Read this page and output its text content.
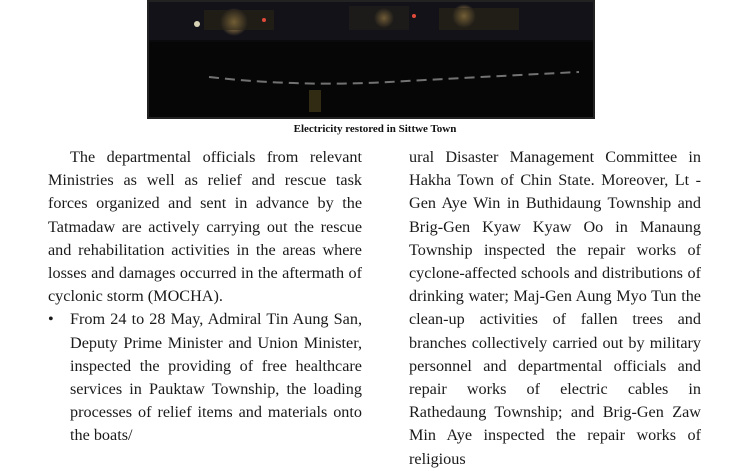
Electricity restored in Sittwe Town

The departmental officials from relevant Ministries as well as relief and rescue task forces organized and sent in advance by the Tatmadaw are actively carrying out the rescue and rehabilitation activities in the areas where losses and damages occurred in the aftermath of cyclonic storm (MOCHA).

• From 24 to 28 May, Admiral Tin Aung San, Deputy Prime Minister and Union Minister, inspected the providing of free healthcare services in Pauktaw Township, the loading processes of relief items and materials onto the boats/

ural Disaster Management Committee in Hakha Town of Chin State. Moreover, Lt -Gen Aye Win in Buthidaung Township and Brig-Gen Kyaw Kyaw Oo in Manaung Township inspected the repair works of cyclone-affected schools and distributions of drinking water; Maj-Gen Aung Myo Tun the clean-up activities of fallen trees and branches collectively carried out by military personnel and departmental officials and repair works of electric cables in Rathedaung Township; and Brig-Gen Zaw Min Aye inspected the repair works of religious
